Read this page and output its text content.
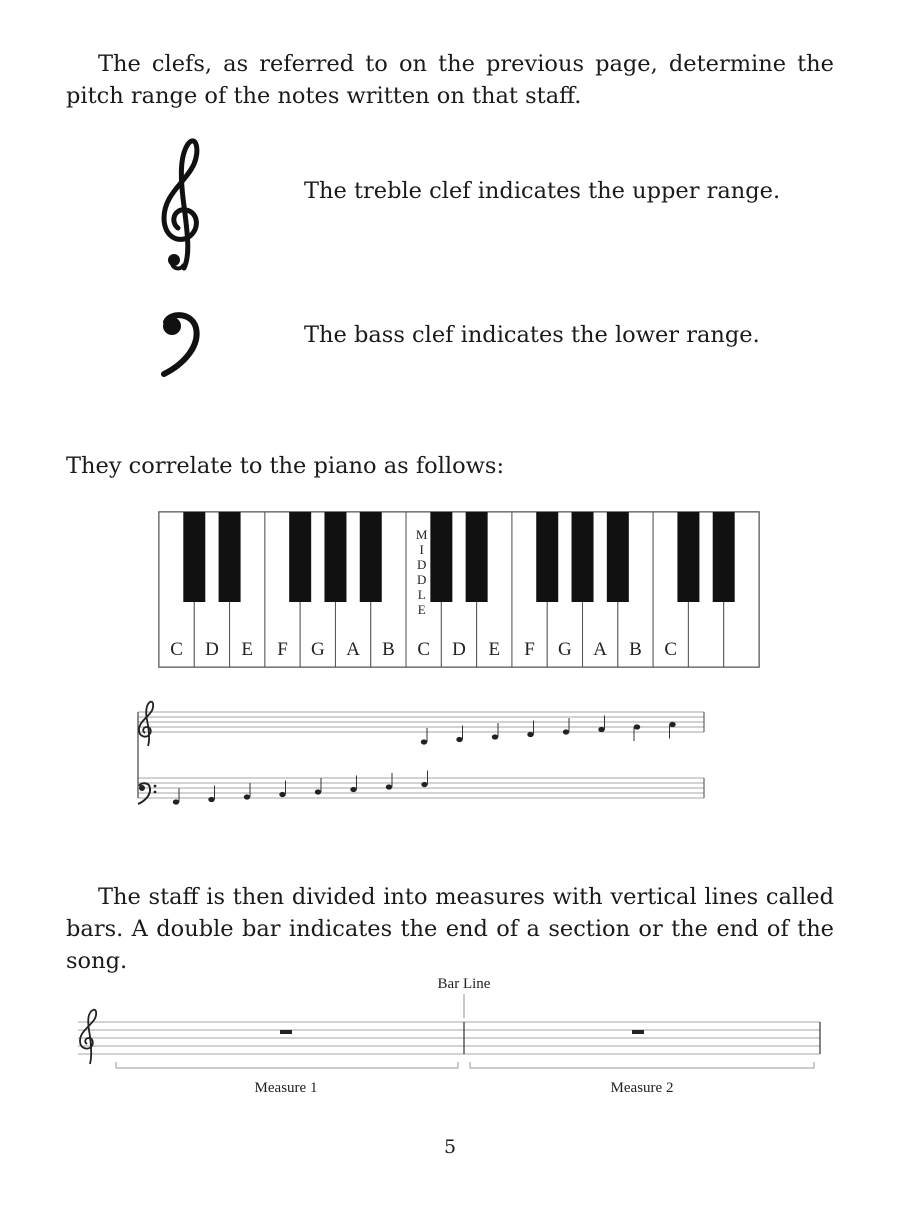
The clefs, as referred to on the previous page, determine the pitch range of the notes written on that staff.

The treble clef indicates the upper range.
The bass clef indicates the lower range.

They correlate to the piano as follows:

C D E F G A B C D E F G A B C
M
I
D
D
L
E

The staff is then divided into measures with vertical lines called bars. A double bar indicates the end of a section or the end of the song.

Bar Line
Measure 1	Measure 2
5
